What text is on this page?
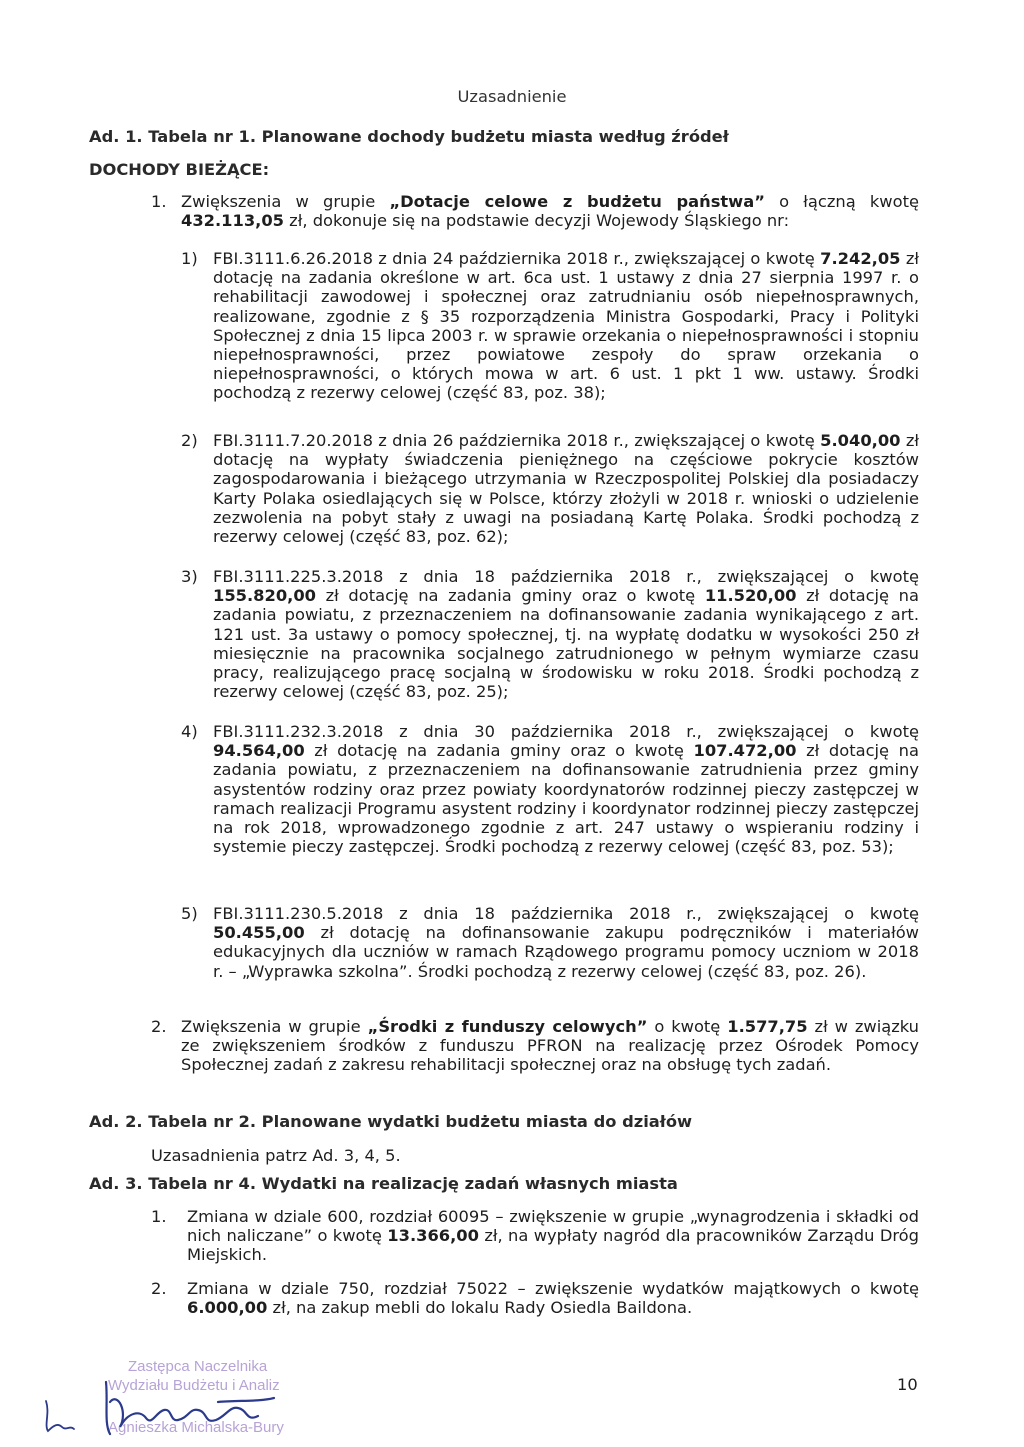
Uzasadnienie
Ad. 1. Tabela nr 1. Planowane dochody budżetu miasta według źródeł
DOCHODY BIEŻĄCE:
1. Zwiększenia w grupie „Dotacje celowe z budżetu państwa” o łączną kwotę 432.113,05 zł, dokonuje się na podstawie decyzji Wojewody Śląskiego nr:
1) FBI.3111.6.26.2018 z dnia 24 października 2018 r., zwiększającej o kwotę 7.242,05 zł dotację na zadania określone w art. 6ca ust. 1 ustawy z dnia 27 sierpnia 1997 r. o rehabilitacji zawodowej i społecznej oraz zatrudnianiu osób niepełnosprawnych, realizowane, zgodnie z § 35 rozporządzenia Ministra Gospodarki, Pracy i Polityki Społecznej z dnia 15 lipca 2003 r. w sprawie orzekania o niepełnosprawności i stopniu niepełnosprawności, przez powiatowe zespoły do spraw orzekania o niepełnosprawności, o których mowa w art. 6 ust. 1 pkt 1 ww. ustawy. Środki pochodzą z rezerwy celowej (część 83, poz. 38);
2) FBI.3111.7.20.2018 z dnia 26 października 2018 r., zwiększającej o kwotę 5.040,00 zł dotację na wypłaty świadczenia pieniężnego na częściowe pokrycie kosztów zagospodarowania i bieżącego utrzymania w Rzeczpospolitej Polskiej dla posiadaczy Karty Polaka osiedlających się w Polsce, którzy złożyli w 2018 r. wnioski o udzielenie zezwolenia na pobyt stały z uwagi na posiadaną Kartę Polaka. Środki pochodzą z rezerwy celowej (część 83, poz. 62);
3) FBI.3111.225.3.2018 z dnia 18 października 2018 r., zwiększającej o kwotę 155.820,00 zł dotację na zadania gminy oraz o kwotę 11.520,00 zł dotację na zadania powiatu, z przeznaczeniem na dofinansowanie zadania wynikającego z art. 121 ust. 3a ustawy o pomocy społecznej, tj. na wypłatę dodatku w wysokości 250 zł miesięcznie na pracownika socjalnego zatrudnionego w pełnym wymiarze czasu pracy, realizującego pracę socjalną w środowisku w roku 2018. Środki pochodzą z rezerwy celowej (część 83, poz. 25);
4) FBI.3111.232.3.2018 z dnia 30 października 2018 r., zwiększającej o kwotę 94.564,00 zł dotację na zadania gminy oraz o kwotę 107.472,00 zł dotację na zadania powiatu, z przeznaczeniem na dofinansowanie zatrudnienia przez gminy asystentów rodziny oraz przez powiaty koordynatorów rodzinnej pieczy zastępczej w ramach realizacji Programu asystent rodziny i koordynator rodzinnej pieczy zastępczej na rok 2018, wprowadzonego zgodnie z art. 247 ustawy o wspieraniu rodziny i systemie pieczy zastępczej. Środki pochodzą z rezerwy celowej (część 83, poz. 53);
5) FBI.3111.230.5.2018 z dnia 18 października 2018 r., zwiększającej o kwotę 50.455,00 zł dotację na dofinansowanie zakupu podręczników i materiałów edukacyjnych dla uczniów w ramach Rządowego programu pomocy uczniom w 2018 r. – „Wyprawka szkolna”. Środki pochodzą z rezerwy celowej (część 83, poz. 26).
2. Zwiększenia w grupie „Środki z funduszy celowych” o kwotę 1.577,75 zł w związku ze zwiększeniem środków z funduszu PFRON na realizację przez Ośrodek Pomocy Społecznej zadań z zakresu rehabilitacji społecznej oraz na obsługę tych zadań.
Ad. 2. Tabela nr 2. Planowane wydatki budżetu miasta do działów
Uzasadnienia patrz Ad. 3, 4, 5.
Ad. 3. Tabela nr 4. Wydatki na realizację zadań własnych miasta
1. Zmiana w dziale 600, rozdział 60095 – zwiększenie w grupie „wynagrodzenia i składki od nich naliczane” o kwotę 13.366,00 zł, na wypłaty nagród dla pracowników Zarządu Dróg Miejskich.
2. Zmiana w dziale 750, rozdział 75022 – zwiększenie wydatków majątkowych o kwotę 6.000,00 zł, na zakup mebli do lokalu Rady Osiedla Baildona.
Zastępca Naczelnika
Wydziału Budżetu i Analiz
Agnieszka Michalska-Bury
10
